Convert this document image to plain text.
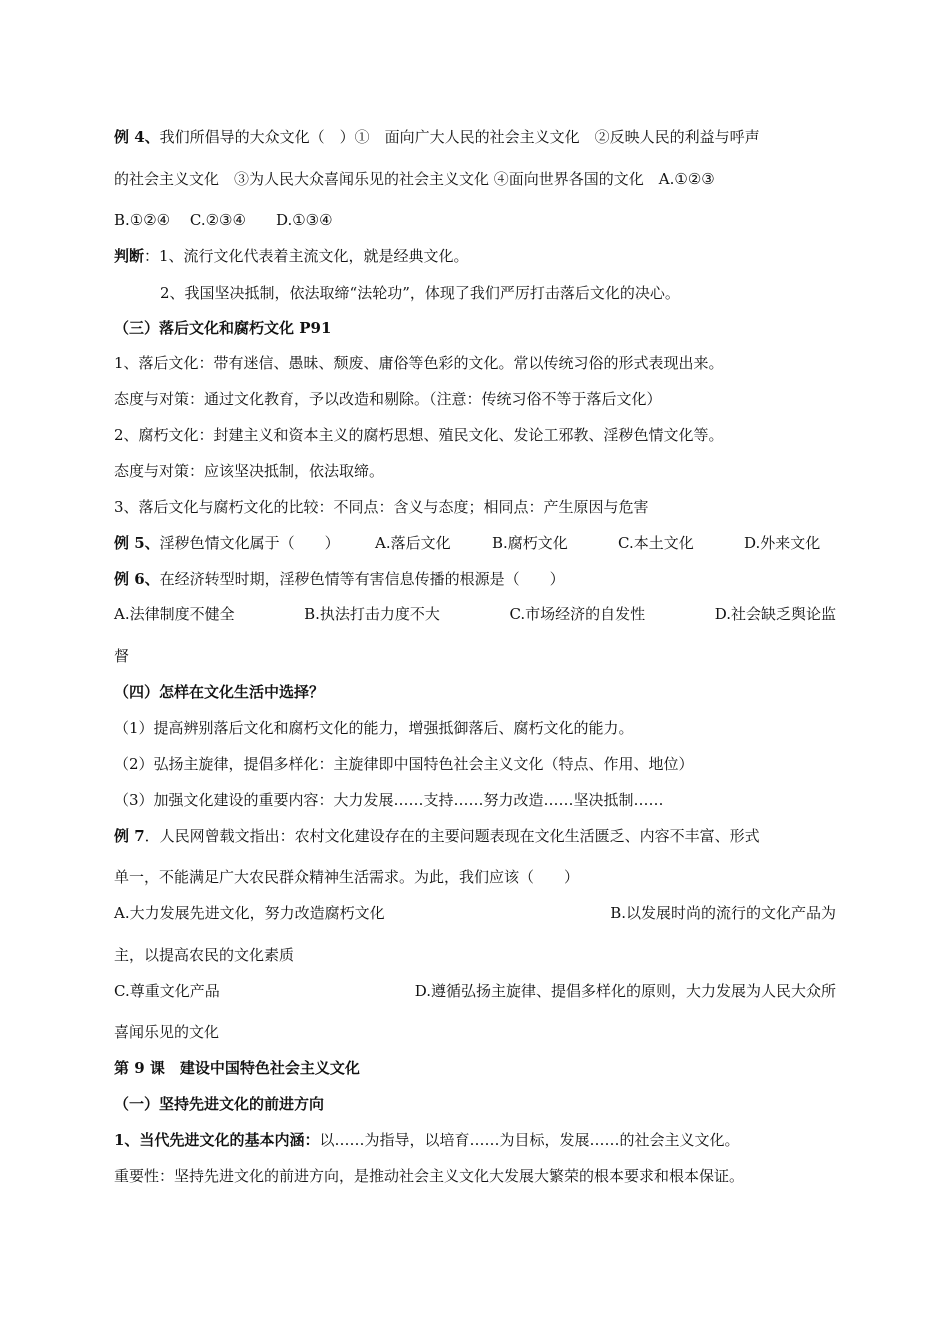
例 4、我们所倡导的大众文化（　）①　面向广大人民的社会主义文化　②反映人民的利益与呼声

的社会主义文化　③为人民大众喜闻乐见的社会主义文化 ④面向世界各国的文化　A.①②③

B.①②④　 C.②③④　　D.①③④

判断：1、流行文化代表着主流文化，就是经典文化。

2、我国坚决抵制，依法取缔“法轮功”，体现了我们严厉打击落后文化的决心。

（三）落后文化和腐朽文化 P91

1、落后文化：带有迷信、愚昧、颓废、庸俗等色彩的文化。常以传统习俗的形式表现出来。

态度与对策：通过文化教育，予以改造和剔除。（注意：传统习俗不等于落后文化）

2、腐朽文化：封建主义和资本主义的腐朽思想、殖民文化、发论工邪教、淫秽色情文化等。

态度与对策：应该坚决抵制，依法取缔。

3、落后文化与腐朽文化的比较：不同点：含义与态度；相同点：产生原因与危害

例 5、淫秽色情文化属于（　　） A.落后文化	B.腐朽文化	C.本土文化	D.外来文化

例 6、在经济转型时期，淫秽色情等有害信息传播的根源是（　　）

A.法律制度不健全	B.执法打击力度不大	C.市场经济的自发性	D.社会缺乏舆论监

督

（四）怎样在文化生活中选择？

（1）提高辨别落后文化和腐朽文化的能力，增强抵御落后、腐朽文化的能力。

（2）弘扬主旋律，提倡多样化：主旋律即中国特色社会主义文化（特点、作用、地位）

（3）加强文化建设的重要内容：大力发展……支持……努力改造……坚决抵制……

例 7．人民网曾载文指出：农村文化建设存在的主要问题表现在文化生活匮乏、内容不丰富、形式

单一，不能满足广大农民群众精神生活需求。为此，我们应该（　　）

A.大力发展先进文化，努力改造腐朽文化	B.以发展时尚的流行的文化产品为

主，以提高农民的文化素质

C.尊重文化产品	D.遵循弘扬主旋律、提倡多样化的原则，大力发展为人民大众所

喜闻乐见的文化

第 9 课　建设中国特色社会主义文化

（一）坚持先进文化的前进方向

1、当代先进文化的基本内涵：以……为指导，以培育……为目标，发展……的社会主义文化。

重要性：坚持先进文化的前进方向，是推动社会主义文化大发展大繁荣的根本要求和根本保证。
